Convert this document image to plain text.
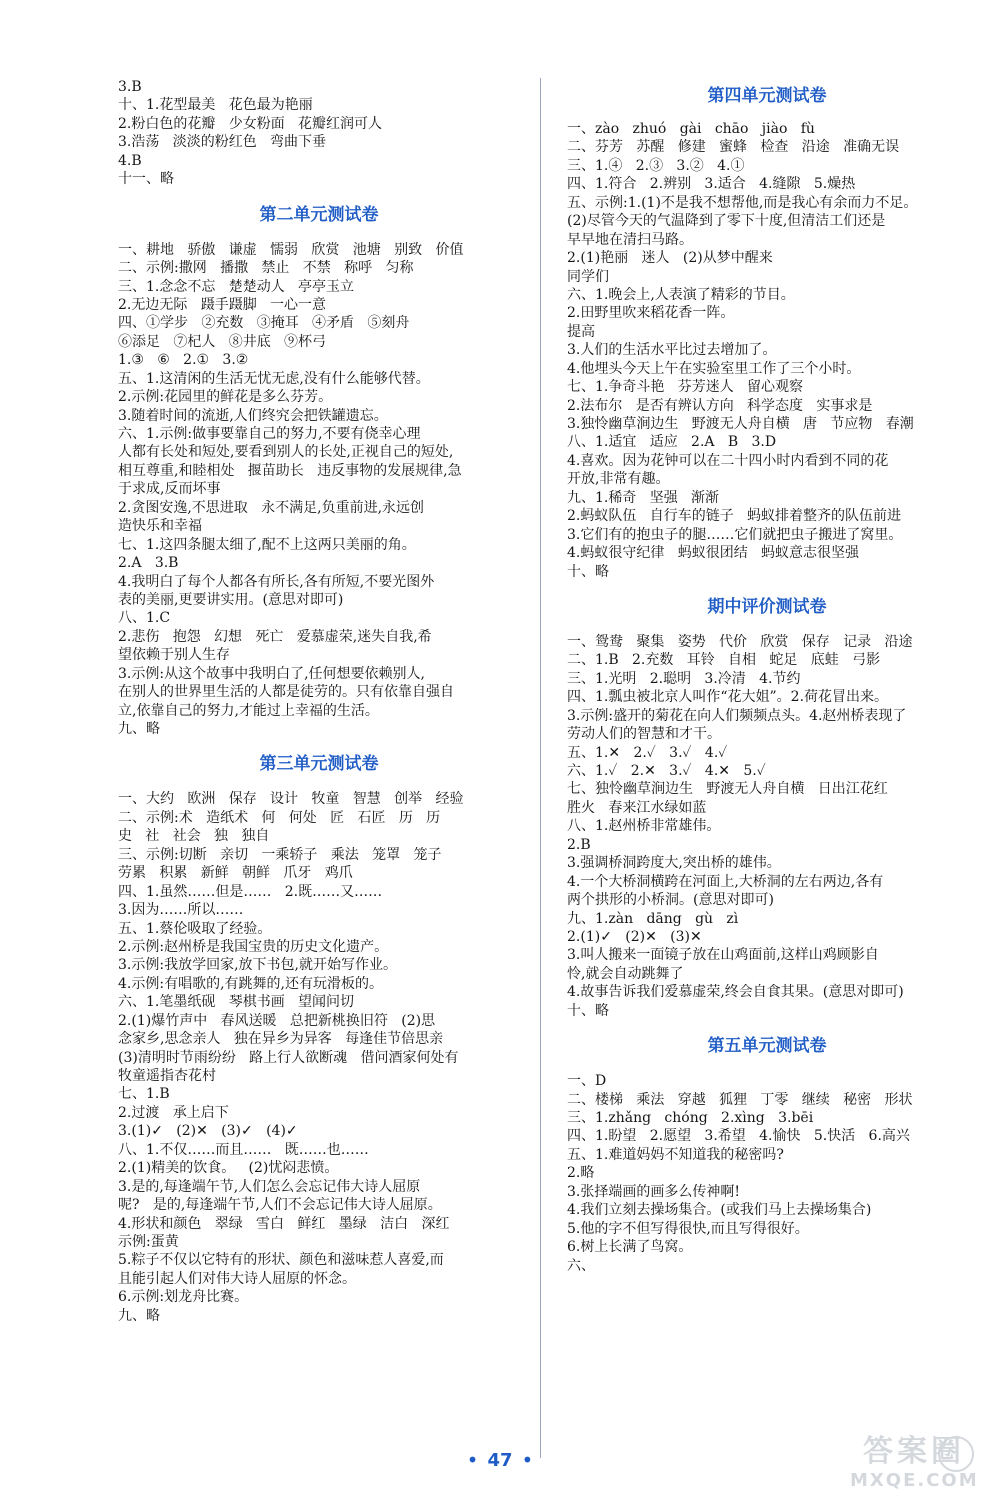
3.B
十、1.花型最美   花色最为艳丽
2.粉白色的花瓣   少女粉面   花瓣红润可人
3.浩荡   淡淡的粉红色   弯曲下垂
4.B
十一、略
第二单元测试卷
一、耕地   骄傲   谦虚   懦弱   欣赏   池塘   别致   价值
二、示例:撒网   播撒   禁止   不禁   称呼   匀称
三、1.念念不忘   楚楚动人   亭亭玉立
2.无边无际   蹑手蹑脚   一心一意
四、①学步   ②充数   ③掩耳   ④矛盾   ⑤刻舟
⑥添足   ⑦杞人   ⑧井底   ⑨杯弓
1.③   ⑥   2.①   3.②
五、1.这清闲的生活无忧无虑,没有什么能够代替。
2.示例:花园里的鲜花是多么芬芳。
3.随着时间的流逝,人们终究会把铁罐遗忘。
六、1.示例:做事要靠自己的努力,不要有侥幸心理
人都有长处和短处,要看到别人的长处,正视自己的短处,
相互尊重,和睦相处   揠苗助长   违反事物的发展规律,急
于求成,反而坏事
2.贪图安逸,不思进取   永不满足,负重前进,永远创
造快乐和幸福
七、1.这四条腿太细了,配不上这两只美丽的角。
2.A   3.B
4.我明白了每个人都各有所长,各有所短,不要光图外
表的美丽,更要讲实用。(意思对即可)
八、1.C
2.悲伤   抱怨   幻想   死亡   爱慕虚荣,迷失自我,希
望依赖于别人生存
3.示例:从这个故事中我明白了,任何想要依赖别人,
在别人的世界里生活的人都是徒劳的。只有依靠自强自
立,依靠自己的努力,才能过上幸福的生活。
九、略
第三单元测试卷
一、大约   欧洲   保存   设计   牧童   智慧   创举   经验
二、示例:术   造纸术   何   何处   匠   石匠   历   历
史   社   社会   独   独自
三、示例:切断   亲切   一乘轿子   乘法   笼罩   笼子
劳累   积累   新鲜   朝鲜   爪牙   鸡爪
四、1.虽然……但是……   2.既……又……
3.因为……所以……
五、1.蔡伦吸取了经验。
2.示例:赵州桥是我国宝贵的历史文化遗产。
3.示例:我放学回家,放下书包,就开始写作业。
4.示例:有唱歌的,有跳舞的,还有玩滑板的。
六、1.笔墨纸砚   琴棋书画   望闻问切
2.(1)爆竹声中   春风送暖   总把新桃换旧符   (2)思
念家乡,思念亲人   独在异乡为异客   每逢佳节倍思亲
(3)清明时节雨纷纷   路上行人欲断魂   借问酒家何处有
牧童遥指杏花村
七、1.B
2.过渡   承上启下
3.(1)✓   (2)✕   (3)✓   (4)✓
八、1.不仅……而且……   既……也……
2.(1)精美的饮食。   (2)忧闷悲愤。
3.是的,每逢端午节,人们怎么会忘记伟大诗人屈原
呢?   是的,每逢端午节,人们不会忘记伟大诗人屈原。
4.形状和颜色   翠绿   雪白   鲜红   墨绿   洁白   深红
示例:蛋黄
5.粽子不仅以它特有的形状、颜色和滋味惹人喜爱,而
且能引起人们对伟大诗人屈原的怀念。
6.示例:划龙舟比赛。
九、略
第四单元测试卷
一、zào   zhuó   gài   chāo   jiào   fù
二、芬芳   苏醒   修建   蜜蜂   检查   沿途   准确无误
三、1.④   2.③   3.②   4.①
四、1.符合   2.辨别   3.适合   4.缝隙   5.燥热
五、示例:1.(1)不是我不想帮他,而是我心有余而力不足。
(2)尽管今天的气温降到了零下十度,但清洁工们还是
早早地在清扫马路。
2.(1)艳丽   迷人   (2)从梦中醒来
同学们
六、1.晚会上,人表演了精彩的节目。
2.田野里吹来稻花香一阵。
提高
3.人们的生活水平比过去增加了。
4.他埋头今天上午在实验室里工作了三个小时。
七、1.争奇斗艳   芬芳迷人   留心观察
2.法布尔   是否有辨认方向   科学态度   实事求是
3.独怜幽草涧边生   野渡无人舟自横   唐   节应物   春潮
八、1.适宜   适应   2.A   B   3.D
4.喜欢。因为花钟可以在二十四小时内看到不同的花
开放,非常有趣。
九、1.稀奇   坚强   渐渐
2.蚂蚁队伍   自行车的链子   蚂蚁排着整齐的队伍前进
3.它们有的抱虫子的腿……它们就把虫子搬进了窝里。
4.蚂蚁很守纪律   蚂蚁很团结   蚂蚁意志很坚强
十、略
期中评价测试卷
一、鸳鸯   聚集   姿势   代价   欣赏   保存   记录   沿途
二、1.B   2.充数   耳铃   自相   蛇足   底蛙   弓影
三、1.光明   2.聪明   3.冷清   4.节约
四、1.瓢虫被北京人叫作“花大姐”。2.荷花冒出来。
3.示例:盛开的菊花在向人们频频点头。4.赵州桥表现了
劳动人们的智慧和才干。
五、1.✕   2.✓   3.✓   4.✓
六、1.✓   2.✕   3.✓   4.✕   5.✓
七、独怜幽草涧边生   野渡无人舟自横   日出江花红
胜火   春来江水绿如蓝
八、1.赵州桥非常雄伟。
2.B
3.强调桥洞跨度大,突出桥的雄伟。
4.一个大桥洞横跨在河面上,大桥洞的左右两边,各有
两个拱形的小桥洞。(意思对即可)
九、1.zàn   dāng   gù   zì
2.(1)✓   (2)✕   (3)✕
3.叫人搬来一面镜子放在山鸡面前,这样山鸡顾影自
怜,就会自动跳舞了
4.故事告诉我们爱慕虚荣,终会自食其果。(意思对即可)
十、略
第五单元测试卷
一、D
二、楼梯   乘法   穿越   狐狸   丁零   继续   秘密   形状
三、1.zhǎng   chóng   2.xìng   3.bēi
四、1.盼望   2.愿望   3.希望   4.愉快   5.快活   6.高兴
五、1.难道妈妈不知道我的秘密吗?
2.略
3.张择端画的画多么传神啊!
4.我们立刻去操场集合。(或我们马上去操场集合)
5.他的字不但写得很快,而且写得很好。
6.树上长满了鸟窝。
六、
• 47 •	答案圈
MXQE.COM
